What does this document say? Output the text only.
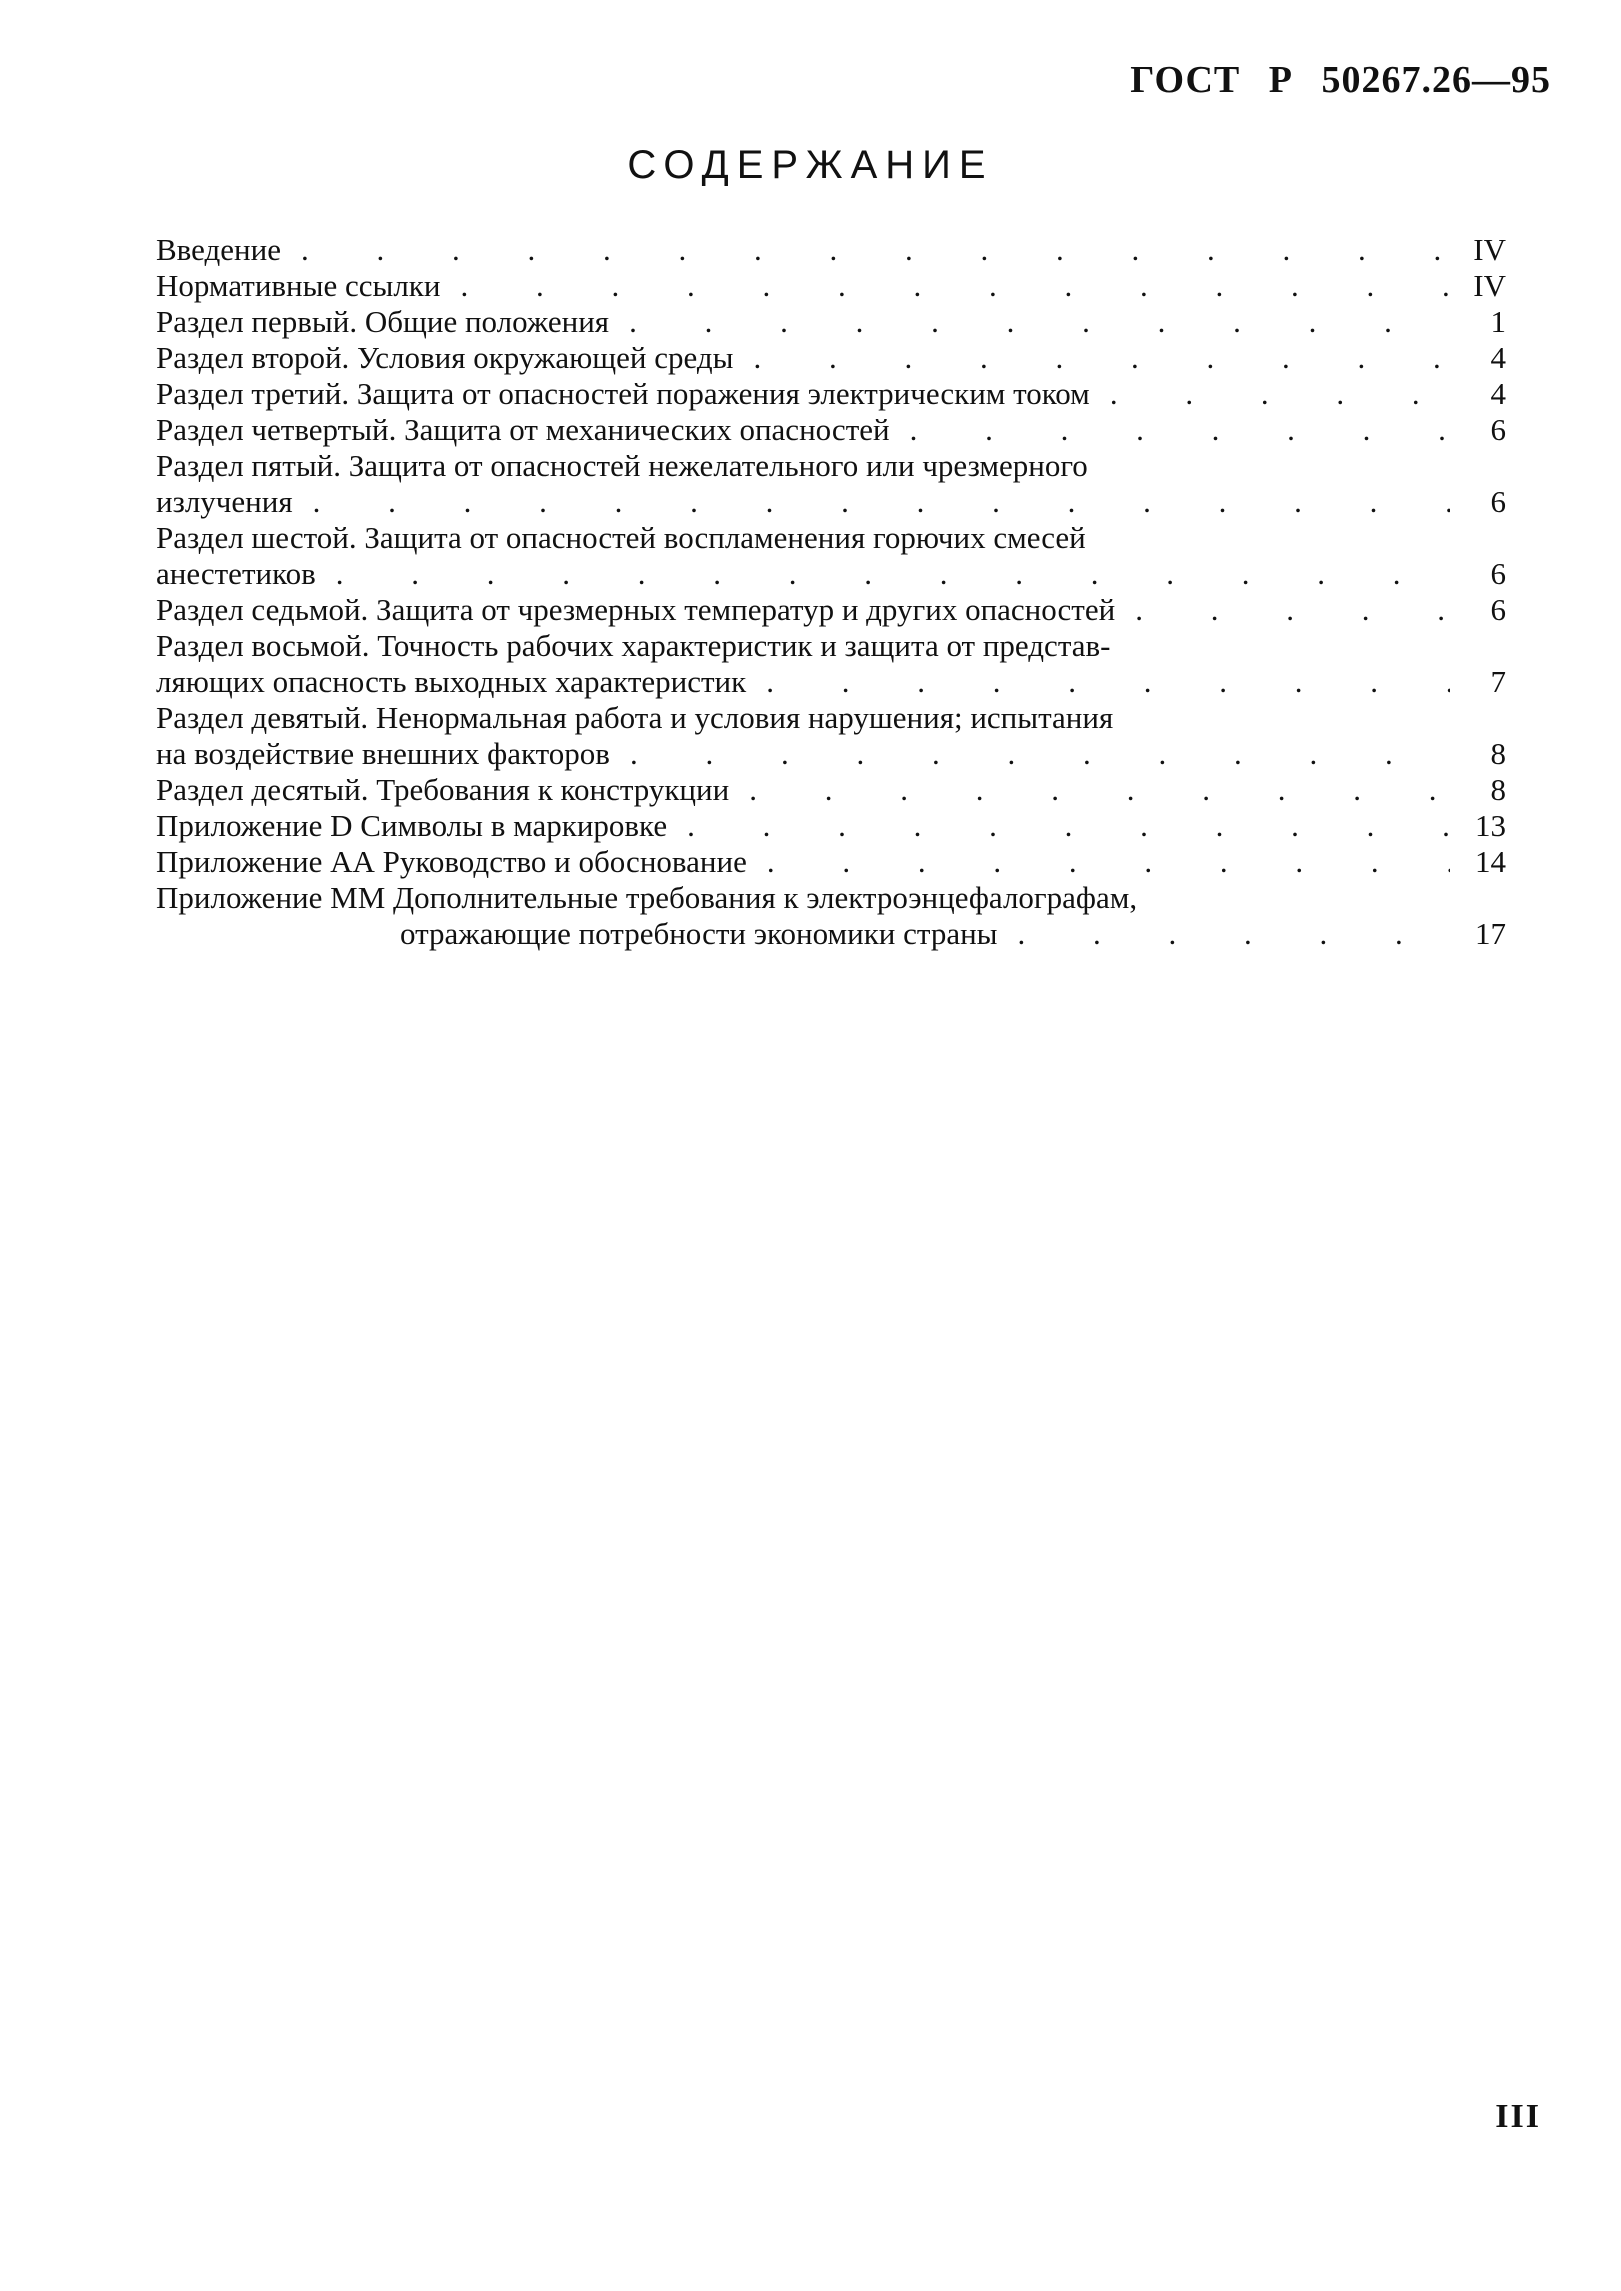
ГОСТ Р 50267.26—95
СОДЕРЖАНИЕ
Введение . . .	IV
Нормативные ссылки . . .	IV
Раздел первый. Общие положения . . .	1
Раздел второй. Условия окружающей среды . . .	4
Раздел третий. Защита от опасностей поражения электрическим током . . .	4
Раздел четвертый. Защита от механических опасностей . . .	6
Раздел пятый. Защита от опасностей нежелательного или чрезмерного
излучения . . .	6
Раздел шестой. Защита от опасностей воспламенения горючих смесей
анестетиков . . .	6
Раздел седьмой. Защита от чрезмерных температур и других опасностей . . .	6
Раздел восьмой. Точность рабочих характеристик и защита от представ-
ляющих опасность выходных характеристик . . .	7
Раздел девятый. Ненормальная работа и условия нарушения; испытания
на воздействие внешних факторов . . .	8
Раздел десятый. Требования к конструкции . . .	8
Приложение D Символы в маркировке . . .	13
Приложение АА Руководство и обоснование . . .	14
Приложение ММ Дополнительные требования к электроэнцефалографам,
отражающие потребности экономики страны . . .	17
III
